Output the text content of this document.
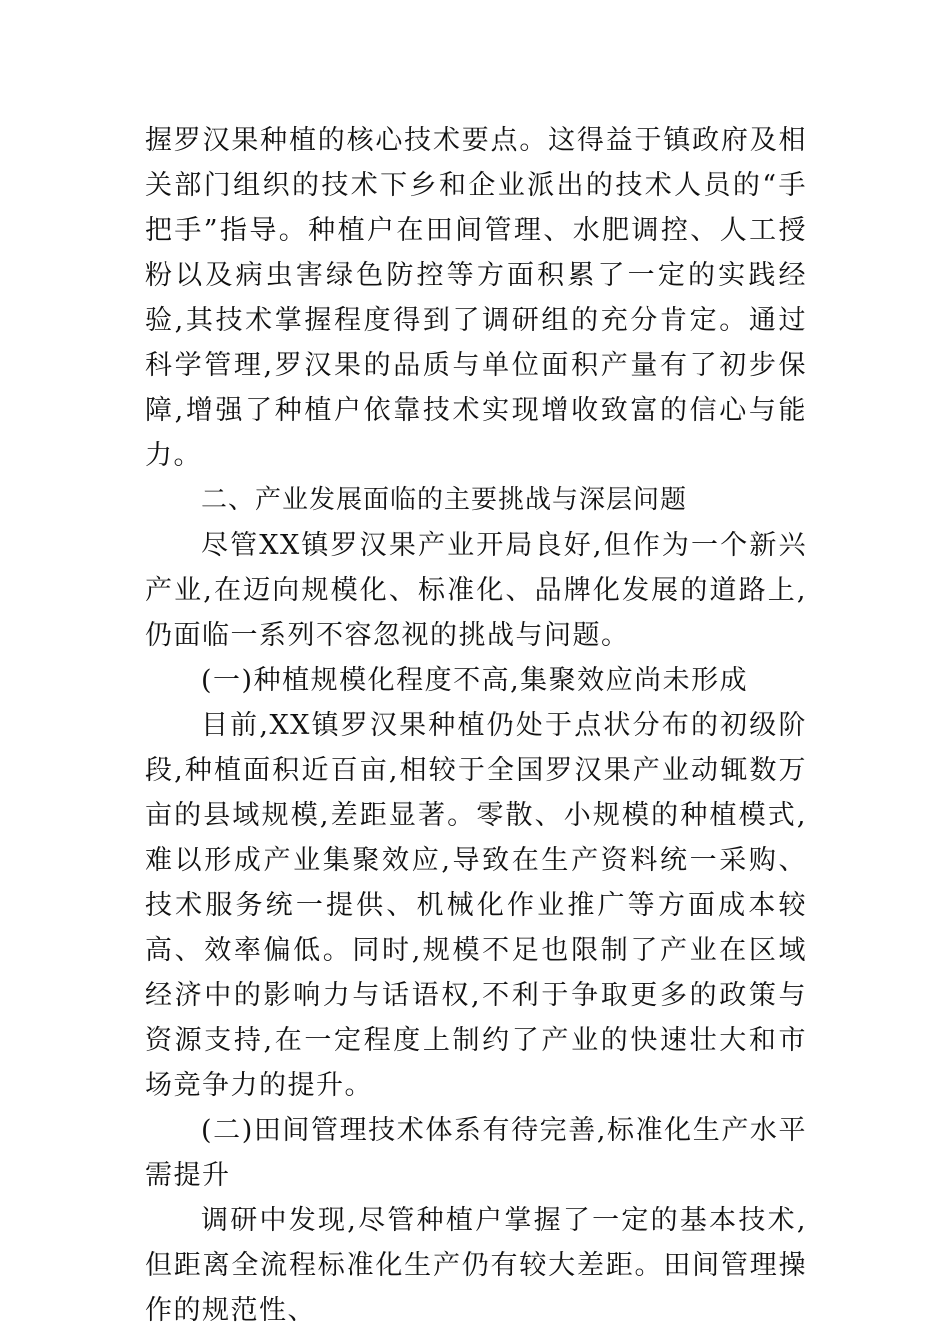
握罗汉果种植的核心技术要点。这得益于镇政府及相关部门组织的技术下乡和企业派出的技术人员的“手把手”指导。种植户在田间管理、水肥调控、人工授粉以及病虫害绿色防控等方面积累了一定的实践经验,其技术掌握程度得到了调研组的充分肯定。通过科学管理,罗汉果的品质与单位面积产量有了初步保障,增强了种植户依靠技术实现增收致富的信心与能力。

二、产业发展面临的主要挑战与深层问题

尽管XX镇罗汉果产业开局良好,但作为一个新兴产业,在迈向规模化、标准化、品牌化发展的道路上,仍面临一系列不容忽视的挑战与问题。

(一)种植规模化程度不高,集聚效应尚未形成

目前,XX镇罗汉果种植仍处于点状分布的初级阶段,种植面积近百亩,相较于全国罗汉果产业动辄数万亩的县域规模,差距显著。零散、小规模的种植模式,难以形成产业集聚效应,导致在生产资料统一采购、技术服务统一提供、机械化作业推广等方面成本较高、效率偏低。同时,规模不足也限制了产业在区域经济中的影响力与话语权,不利于争取更多的政策与资源支持,在一定程度上制约了产业的快速壮大和市场竞争力的提升。

(二)田间管理技术体系有待完善,标准化生产水平需提升

调研中发现,尽管种植户掌握了一定的基本技术,但距离全流程标准化生产仍有较大差距。田间管理操作的规范性、
